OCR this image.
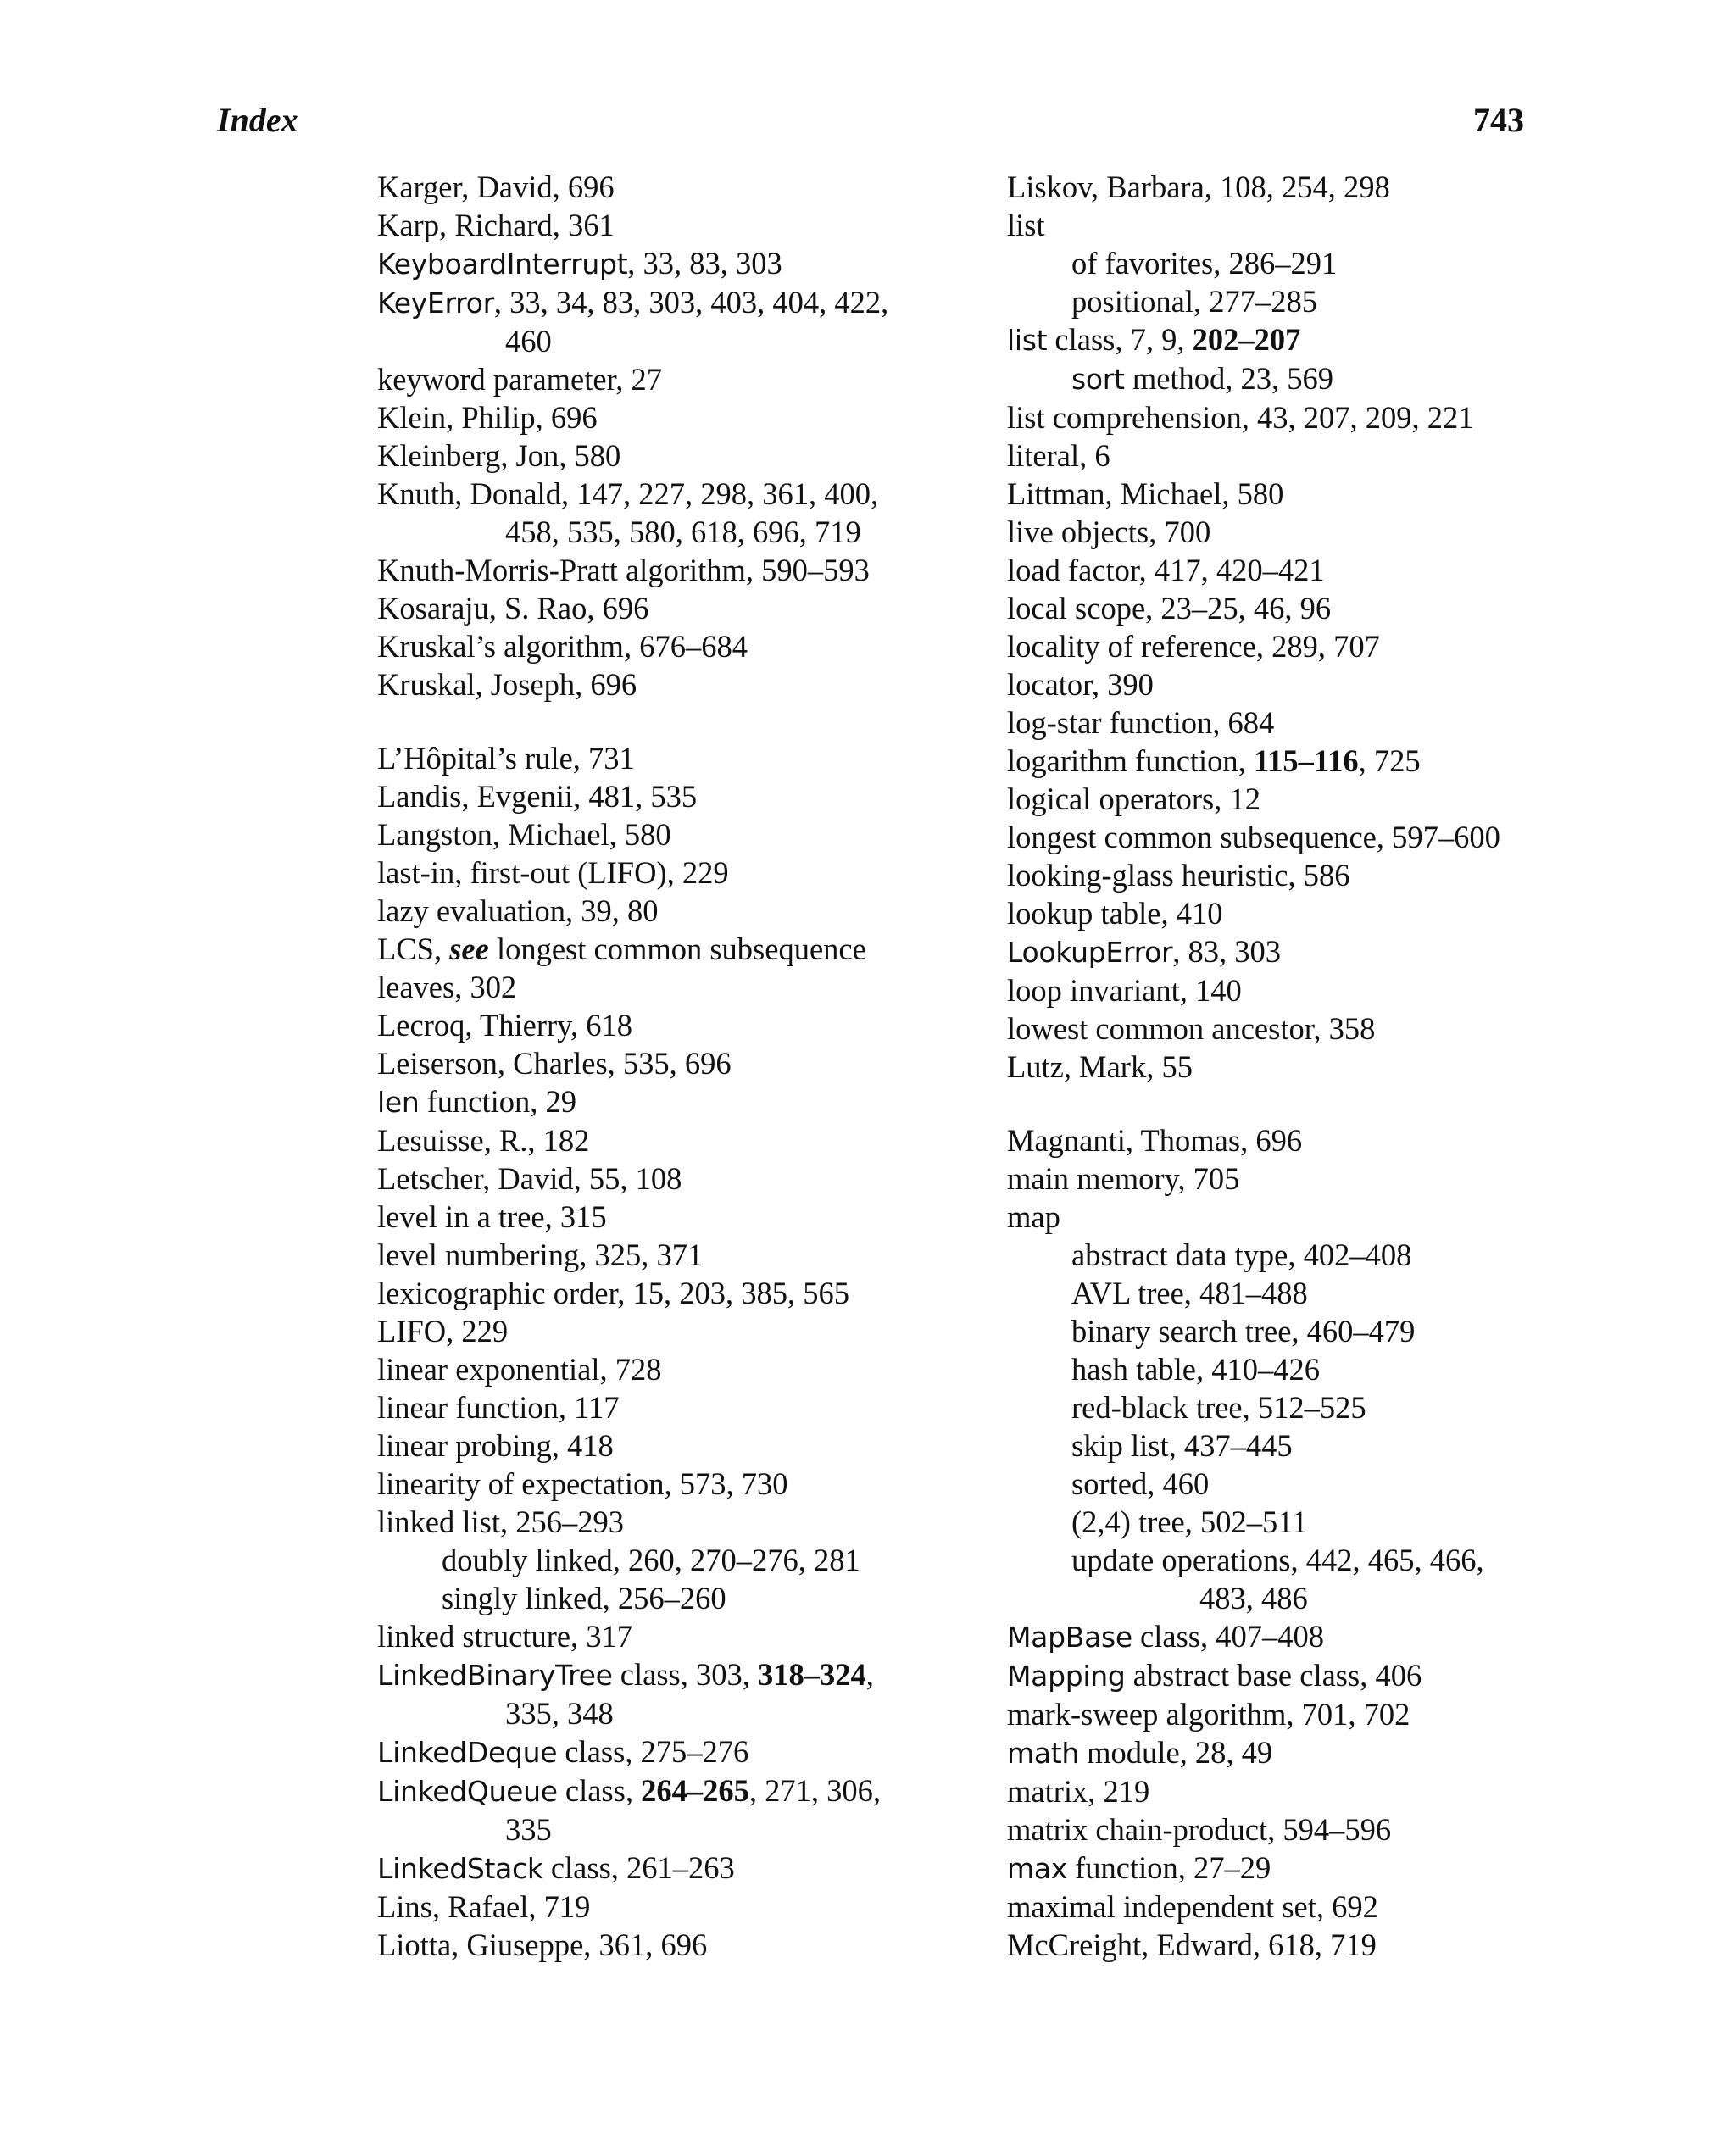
Index	743
Karger, David, 696
Karp, Richard, 361
KeyboardInterrupt, 33, 83, 303
KeyError, 33, 34, 83, 303, 403, 404, 422,
460
keyword parameter, 27
Klein, Philip, 696
Kleinberg, Jon, 580
Knuth, Donald, 147, 227, 298, 361, 400,
458, 535, 580, 618, 696, 719
Knuth-Morris-Pratt algorithm, 590–593
Kosaraju, S. Rao, 696
Kruskal’s algorithm, 676–684
Kruskal, Joseph, 696
L’Hôpital’s rule, 731
Landis, Evgenii, 481, 535
Langston, Michael, 580
last-in, first-out (LIFO), 229
lazy evaluation, 39, 80
LCS, see longest common subsequence
leaves, 302
Lecroq, Thierry, 618
Leiserson, Charles, 535, 696
len function, 29
Lesuisse, R., 182
Letscher, David, 55, 108
level in a tree, 315
level numbering, 325, 371
lexicographic order, 15, 203, 385, 565
LIFO, 229
linear exponential, 728
linear function, 117
linear probing, 418
linearity of expectation, 573, 730
linked list, 256–293
doubly linked, 260, 270–276, 281
singly linked, 256–260
linked structure, 317
LinkedBinaryTree class, 303, 318–324,
335, 348
LinkedDeque class, 275–276
LinkedQueue class, 264–265, 271, 306,
335
LinkedStack class, 261–263
Lins, Rafael, 719
Liotta, Giuseppe, 361, 696
Liskov, Barbara, 108, 254, 298
list
of favorites, 286–291
positional, 277–285
list class, 7, 9, 202–207
sort method, 23, 569
list comprehension, 43, 207, 209, 221
literal, 6
Littman, Michael, 580
live objects, 700
load factor, 417, 420–421
local scope, 23–25, 46, 96
locality of reference, 289, 707
locator, 390
log-star function, 684
logarithm function, 115–116, 725
logical operators, 12
longest common subsequence, 597–600
looking-glass heuristic, 586
lookup table, 410
LookupError, 83, 303
loop invariant, 140
lowest common ancestor, 358
Lutz, Mark, 55
Magnanti, Thomas, 696
main memory, 705
map
abstract data type, 402–408
AVL tree, 481–488
binary search tree, 460–479
hash table, 410–426
red-black tree, 512–525
skip list, 437–445
sorted, 460
(2,4) tree, 502–511
update operations, 442, 465, 466,
483, 486
MapBase class, 407–408
Mapping abstract base class, 406
mark-sweep algorithm, 701, 702
math module, 28, 49
matrix, 219
matrix chain-product, 594–596
max function, 27–29
maximal independent set, 692
McCreight, Edward, 618, 719
